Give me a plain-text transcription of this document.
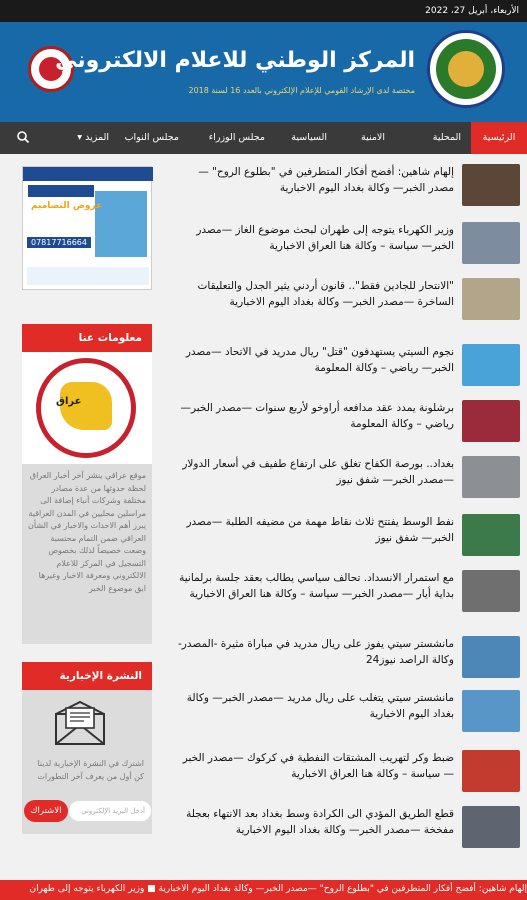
الأربعاء، أبريل 27، 2022
المركز الوطني للاعلام الالكتروني
مختصة لدى الإرشاد القومي للإعلام الإلكتروني بالعدد 16 لسنة 2018
الرئيسية
المحلية
الامنية
السياسية
مجلس الوزراء
مجلس النواب
المزيد ▾
إلهام شاهين: أفضح أفكار المتطرفين في "بطلوع الروح" —مصدر الخبر— وكالة بغداد اليوم الاخبارية
وزير الكهرباء يتوجه إلى طهران لبحث موضوع الغاز —مصدر الخبر— سياسة – وكالة هنا العراق الاخبارية
"الانتحار للجادين فقط".. قانون أردني يثير الجدل والتعليقات الساخرة —مصدر الخبر— وكالة بغداد اليوم الاخبارية
نجوم السيتي يستهدفون "قتل" ريال مدريد في الاتحاد —مصدر الخبر— رياضي – وكالة المعلومة
برشلونة يمدد عقد مدافعه أراوخو لأربع سنوات —مصدر الخبر— رياضي – وكالة المعلومة
بغداد.. بورصة الكفاح تغلق على ارتفاع طفيف في أسعار الدولار —مصدر الخبر— شفق نيوز
نفط الوسط يفتتح ثلاث نقاط مهمة من مضيفه الطلبة —مصدر الخبر— شفق نيوز
مع استمرار الانسداد. تحالف سياسي يطالب بعقد جلسة برلمانية بداية أيار —مصدر الخبر— سياسة – وكالة هنا العراق الاخبارية
مانشستر سيتي يفوز على ريال مدريد في مباراة مثيرة -المصدر- وكالة الراصد نيوز24
مانشستر سيتي يتغلب على ريال مدريد —مصدر الخبر— وكالة بغداد اليوم الاخبارية
ضبط وكر لتهريب المشتقات النفطية في كركوك —مصدر الخبر— سياسة – وكالة هنا العراق الاخبارية
قطع الطريق المؤدي الى الكرادة وسط بغداد بعد الانتهاء بعجلة مفخخة —مصدر الخبر— وكالة بغداد اليوم الاخبارية
عروض التصاميم
07817716664
معلومات عنا
عراق
موقع عراقي ينشر آخر أخبار العراق لحظة حدوثها من عدة مصادر مختلفة وشركات أنباء إضافة الى مراسلين محليين في المدن العراقية يبرز أهم الاحداث والاخبار في الشأن العراقي ضمن التمام محتسبة وضعت خصيصاً لذلك بخصوص التسجيل في المركز للاعلام الالكتروني ومعرفة الاخبار وغيرها ابق موضوع الخبر
النشرة الإخبارية
اشترك في النشرة الإخبارية لدينا كن أول من يعرف آخر التطورات
الاشتراك	أدخل البريد الإلكتروني
إلهام شاهين: أفضح أفكار المتطرفين في "بطلوع الروح" —مصدر الخبر— وكالة بغداد اليوم الاخبارية ■ وزير الكهرباء يتوجه إلى طهران
